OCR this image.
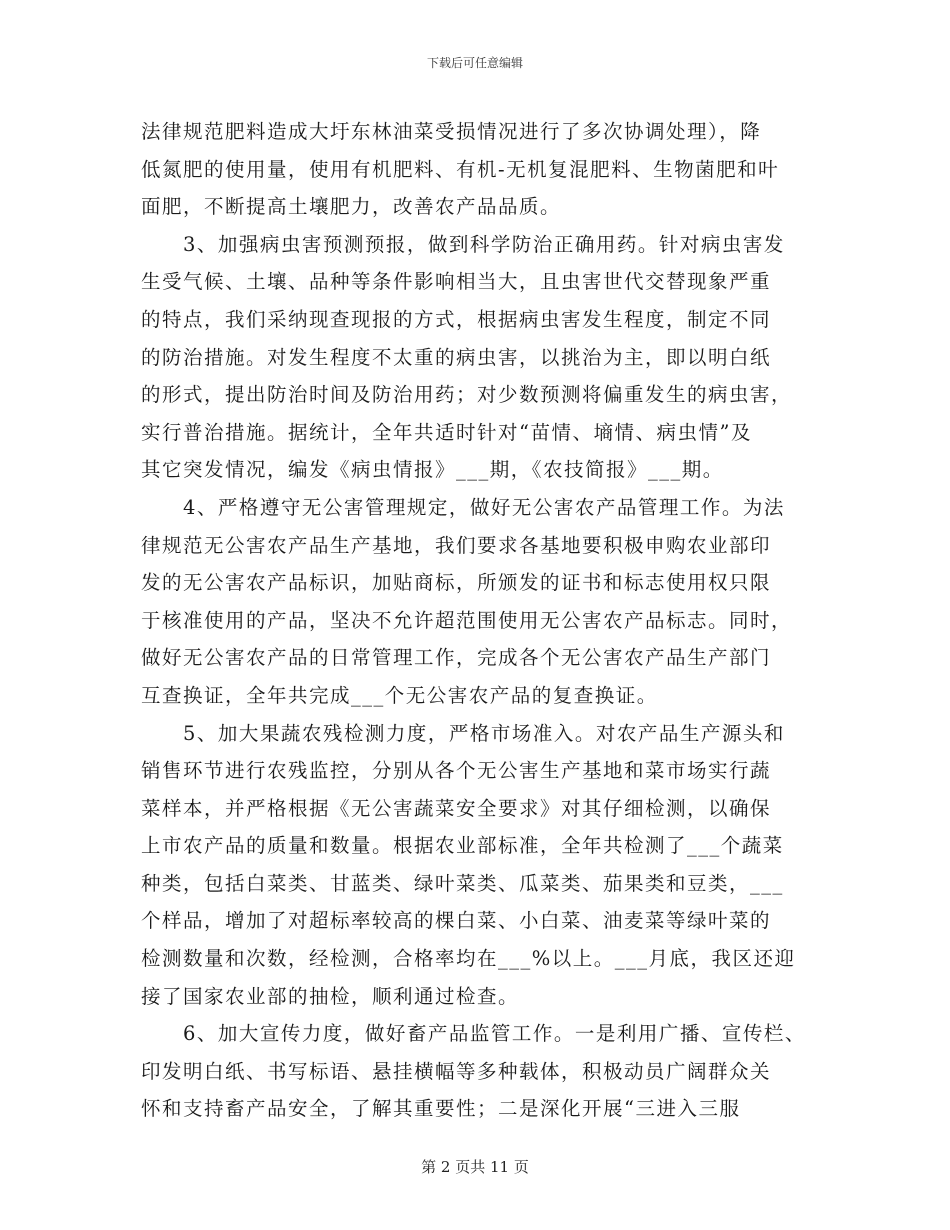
下载后可任意编辑
法律规范肥料造成大圩东林油菜受损情况进行了多次协调处理），降
低氮肥的使用量，使用有机肥料、有机-无机复混肥料、生物菌肥和叶
面肥，不断提高土壤肥力，改善农产品品质。
　　3、加强病虫害预测预报，做到科学防治正确用药。针对病虫害发
生受气候、土壤、品种等条件影响相当大，且虫害世代交替现象严重
的特点，我们采纳现查现报的方式，根据病虫害发生程度，制定不同
的防治措施。对发生程度不太重的病虫害，以挑治为主，即以明白纸
的形式，提出防治时间及防治用药；对少数预测将偏重发生的病虫害，
实行普治措施。据统计，全年共适时针对“苗情、墒情、病虫情”及
其它突发情况，编发《病虫情报》___期，《农技简报》___期。
　　4、严格遵守无公害管理规定，做好无公害农产品管理工作。为法
律规范无公害农产品生产基地，我们要求各基地要积极申购农业部印
发的无公害农产品标识，加贴商标，所颁发的证书和标志使用权只限
于核准使用的产品，坚决不允许超范围使用无公害农产品标志。同时，
做好无公害农产品的日常管理工作，完成各个无公害农产品生产部门
互查换证，全年共完成___个无公害农产品的复查换证。
　　5、加大果蔬农残检测力度，严格市场准入。对农产品生产源头和
销售环节进行农残监控，分别从各个无公害生产基地和菜市场实行蔬
菜样本，并严格根据《无公害蔬菜安全要求》对其仔细检测，以确保
上市农产品的质量和数量。根据农业部标准，全年共检测了___个蔬菜
种类，包括白菜类、甘蓝类、绿叶菜类、瓜菜类、茄果类和豆类，___
个样品，增加了对超标率较高的棵白菜、小白菜、油麦菜等绿叶菜的
检测数量和次数，经检测，合格率均在___%以上。___月底，我区还迎
接了国家农业部的抽检，顺利通过检查。
　　6、加大宣传力度，做好畜产品监管工作。一是利用广播、宣传栏、
印发明白纸、书写标语、悬挂横幅等多种载体，积极动员广阔群众关
怀和支持畜产品安全，了解其重要性；二是深化开展“三进入三服
第 2 页共 11 页
